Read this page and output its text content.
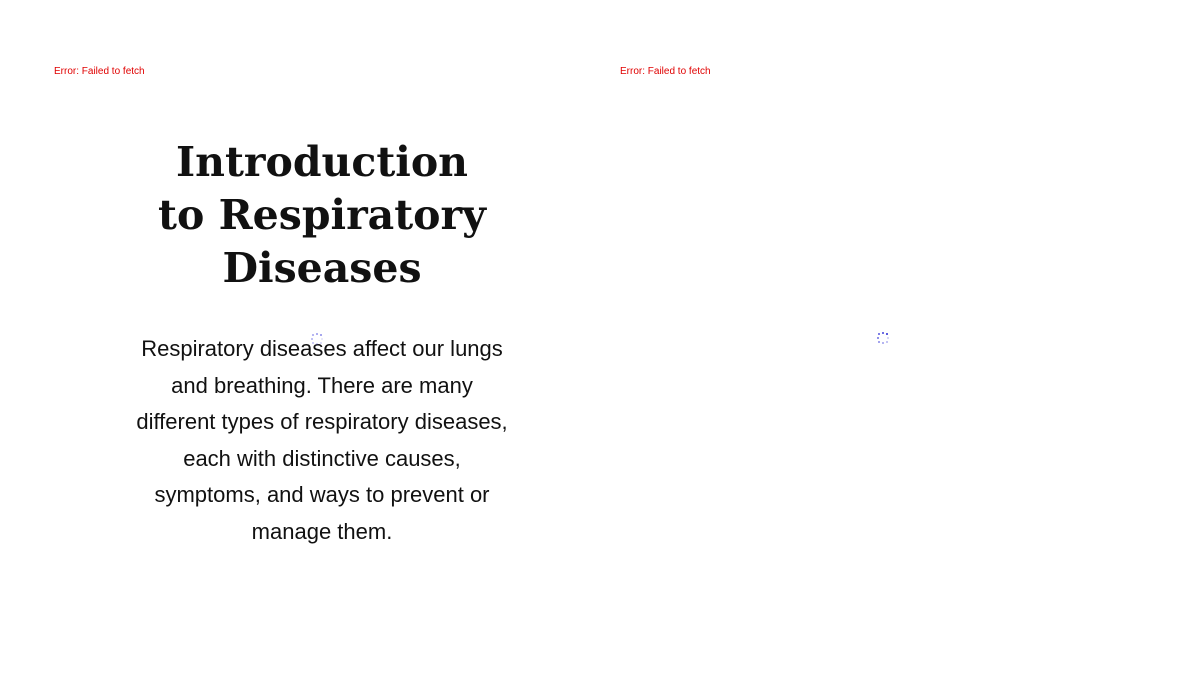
Error: Failed to fetch	Error: Failed to fetch
Introduction to Respiratory Diseases

Respiratory diseases affect our lungs and breathing. There are many different types of respiratory diseases, each with distinctive causes, symptoms, and ways to prevent or manage them.
